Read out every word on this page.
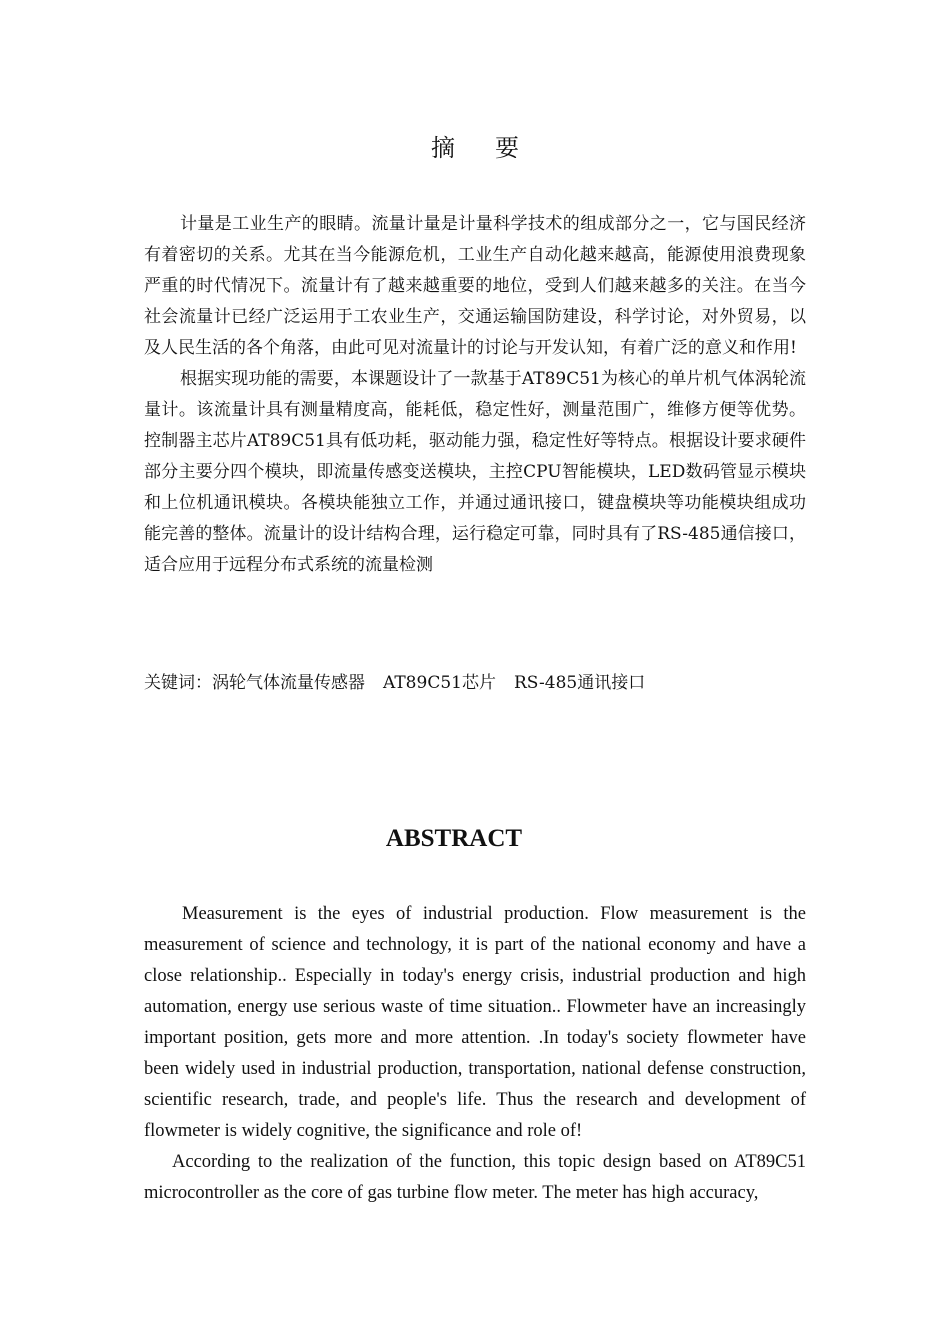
摘要

计量是工业生产的眼睛。流量计量是计量科学技术的组成部分之一，它与国民经济有着密切的关系。尤其在当今能源危机，工业生产自动化越来越高，能源使用浪费现象严重的时代情况下。流量计有了越来越重要的地位，受到人们越来越多的关注。在当今社会流量计已经广泛运用于工农业生产，交通运输国防建设，科学讨论，对外贸易，以及人民生活的各个角落，由此可见对流量计的讨论与开发认知，有着广泛的意义和作用!

根据实现功能的需要，本课题设计了一款基于AT89C51为核心的单片机气体涡轮流量计。该流量计具有测量精度高，能耗低，稳定性好，测量范围广，维修方便等优势。控制器主芯片AT89C51具有低功耗，驱动能力强，稳定性好等特点。根据设计要求硬件部分主要分四个模块，即流量传感变送模块，主控CPU智能模块，LED数码管显示模块和上位机通讯模块。各模块能独立工作，并通过通讯接口，键盘模块等功能模块组成功能完善的整体。流量计的设计结构合理，运行稳定可靠，同时具有了RS-485通信接口，适合应用于远程分布式系统的流量检测

关键词：涡轮气体流量传感器 AT89C51芯片 RS-485通讯接口
ABSTRACT

Measurement is the eyes of industrial production. Flow measurement is the measurement of science and technology, it is part of the national economy and have a close relationship.. Especially in today's energy crisis, industrial production and high automation, energy use serious waste of time situation.. Flowmeter have an increasingly important position, gets more and more attention. .In today's society flowmeter have been widely used in industrial production, transportation, national defense construction, scientific research, trade, and people's life. Thus the research and development of flowmeter is widely cognitive, the significance and role of!

According to the realization of the function, this topic design based on AT89C51 microcontroller as the core of gas turbine flow meter. The meter has high accuracy,
